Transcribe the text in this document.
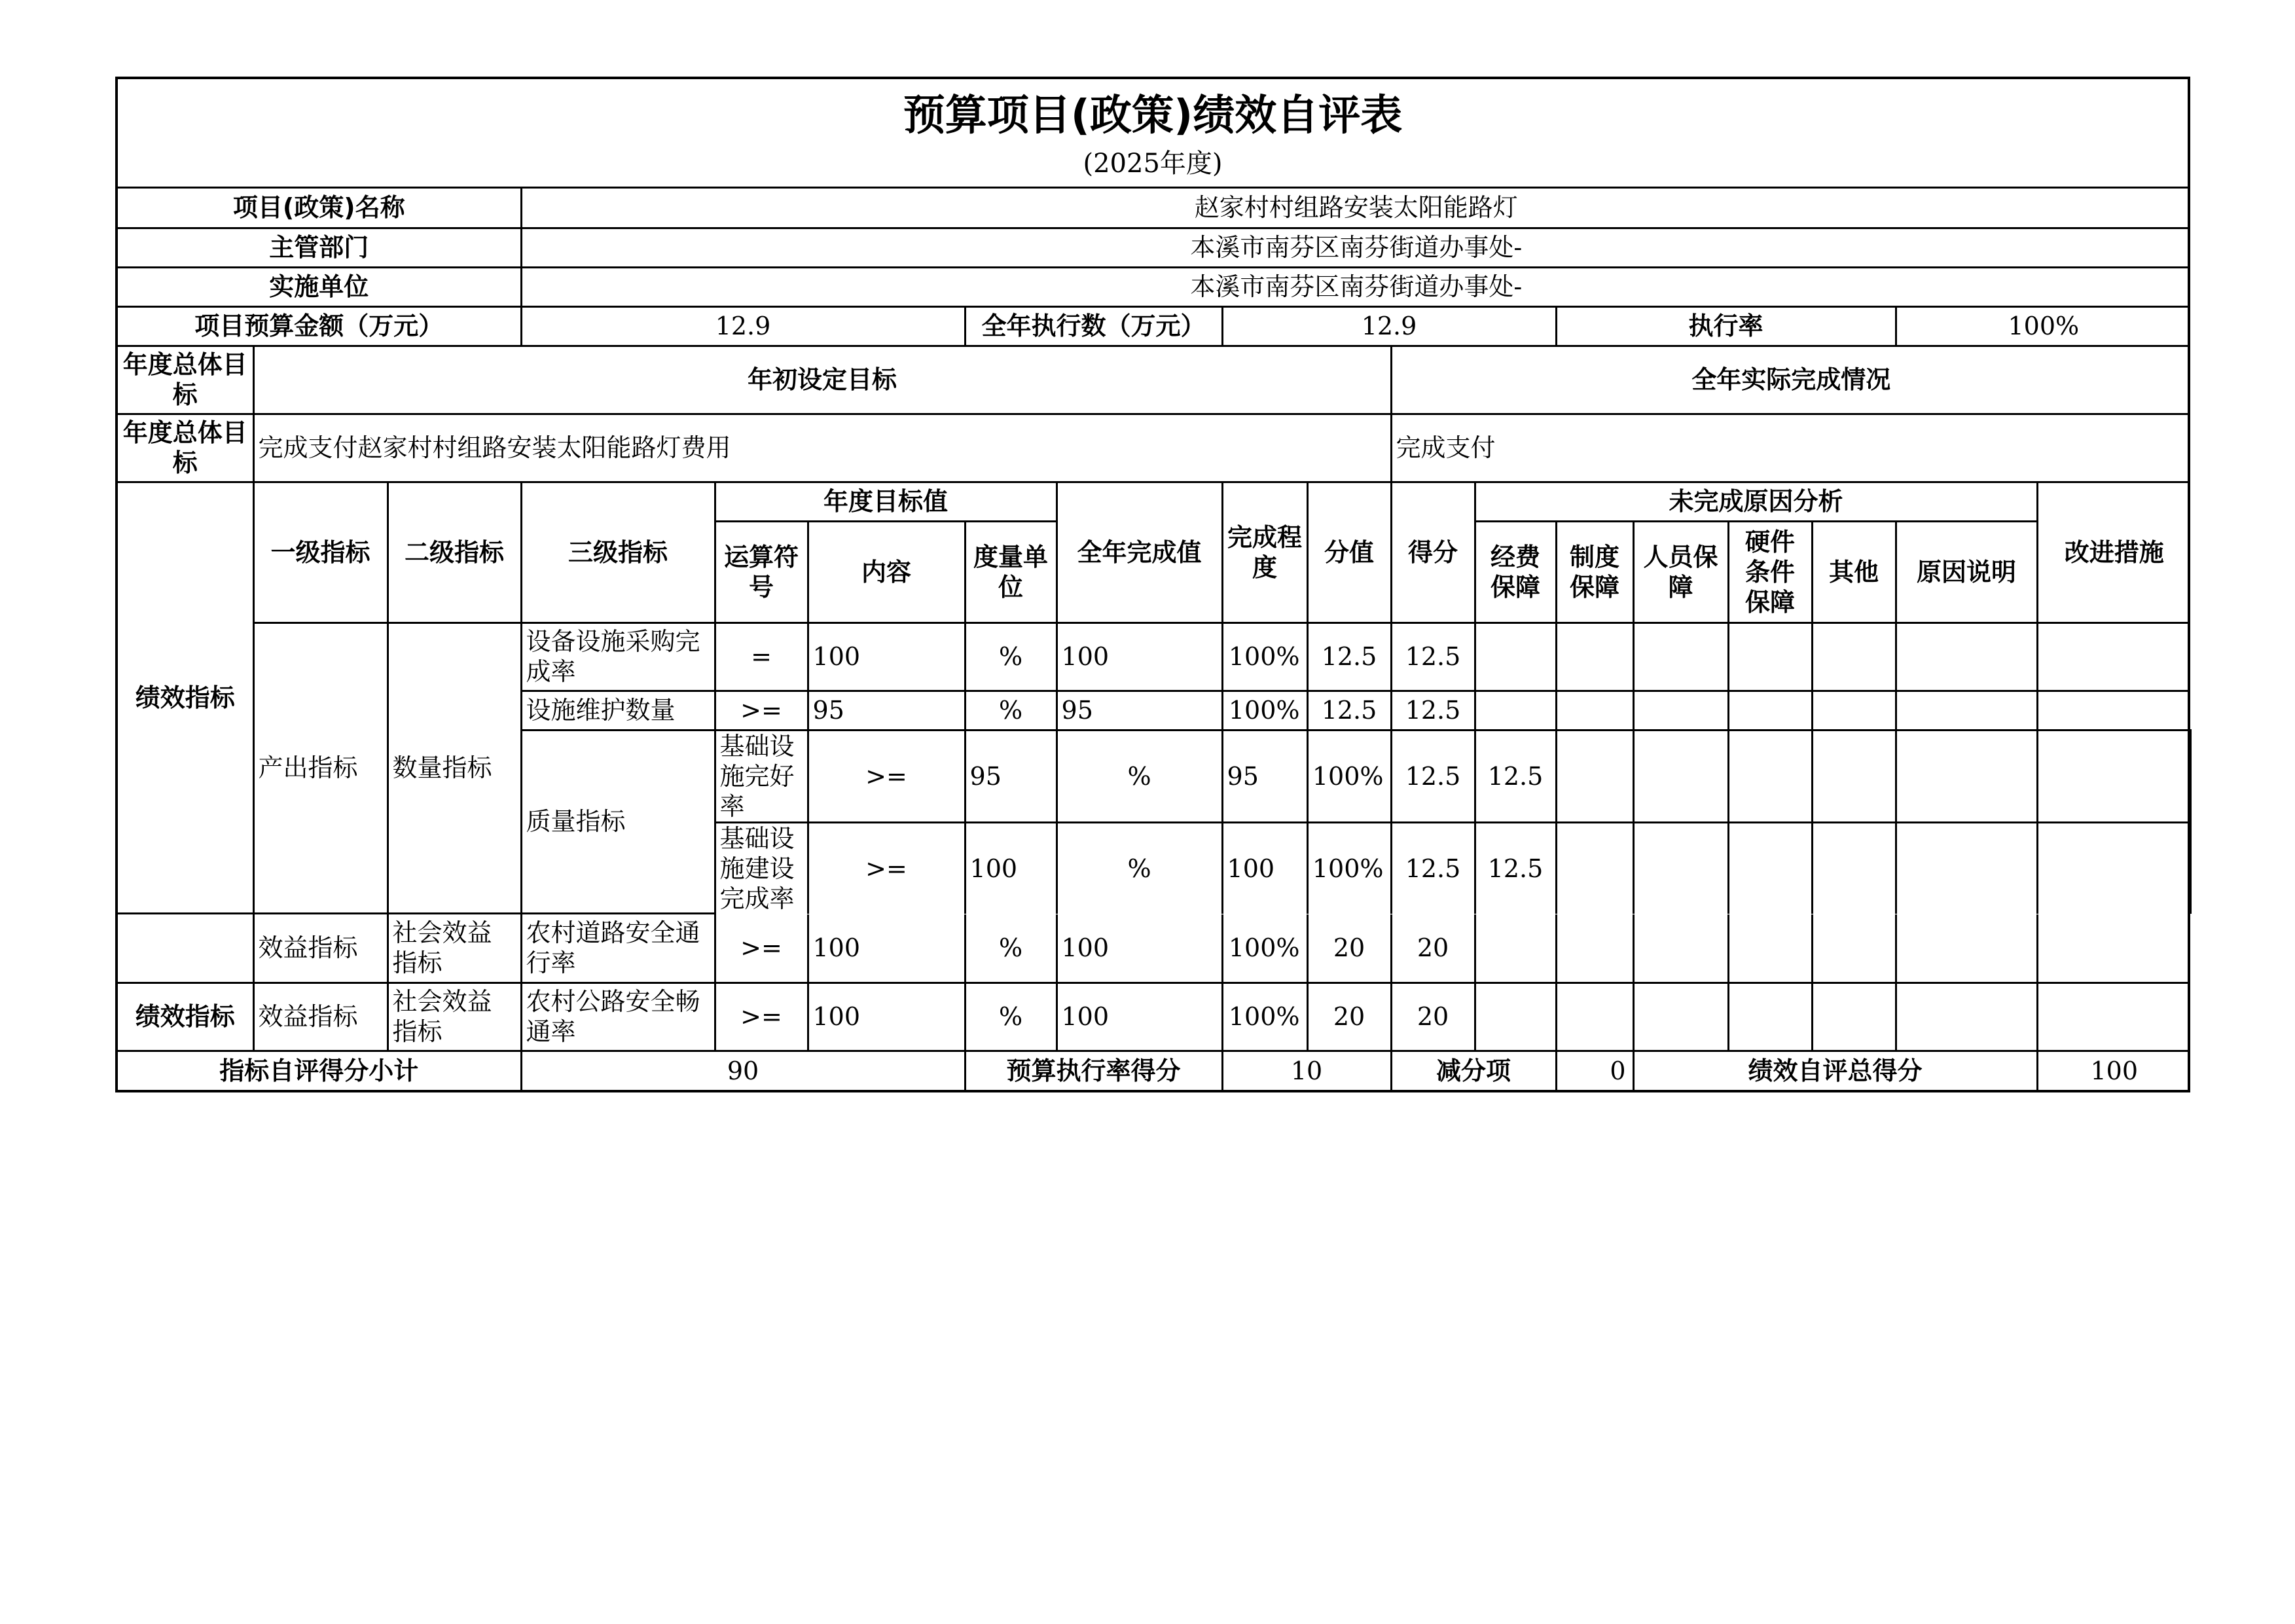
预算项目(政策)绩效自评表
(2025年度)
项目(政策)名称			赵家村村组路安装太阳能路灯															
主管部门			本溪市南芬区南芬街道办事处-															
实施单位			本溪市南芬区南芬街道办事处-															
项目预算金额（万元）			12.9			全年执行数（万元）		12.9				执行率				100%		
年度总体目标	年初设定目标									全年实际完成情况								
年度总体目标	完成支付赵家村村组路安装太阳能路灯费用									完成支付								
绩效指标	一级指标	二级指标	三级指标	年度目标值			全年完成值	完成程度	分值	得分	未完成原因分析						改进措施	
				运算符号	内容	度量单位					经费保障	制度保障	人员保障	硬件条件保障	其他	原因说明		
	产出指标	数量指标	设备设施采购完成率	=	100	%	100	100%	12.5	12.5								
			设施维护数量	>=	95	%	95	100%	12.5	12.5								
			质量指标	基础设施完好率	>=	95	%	95	100%	12.5	12.5							
				基础设施建设完成率	>=	100	%	100	100%	12.5	12.5							
	效益指标	社会效益指标	农村道路安全通行率	>=	100	%	100	100%	20	20							
绩效指标	效益指标	社会效益指标	农村公路安全畅通率	>=	100	%	100	100%	20	20							
指标自评得分小计			90			预算执行率得分		10		减分项		0	绩效自评总得分				100
